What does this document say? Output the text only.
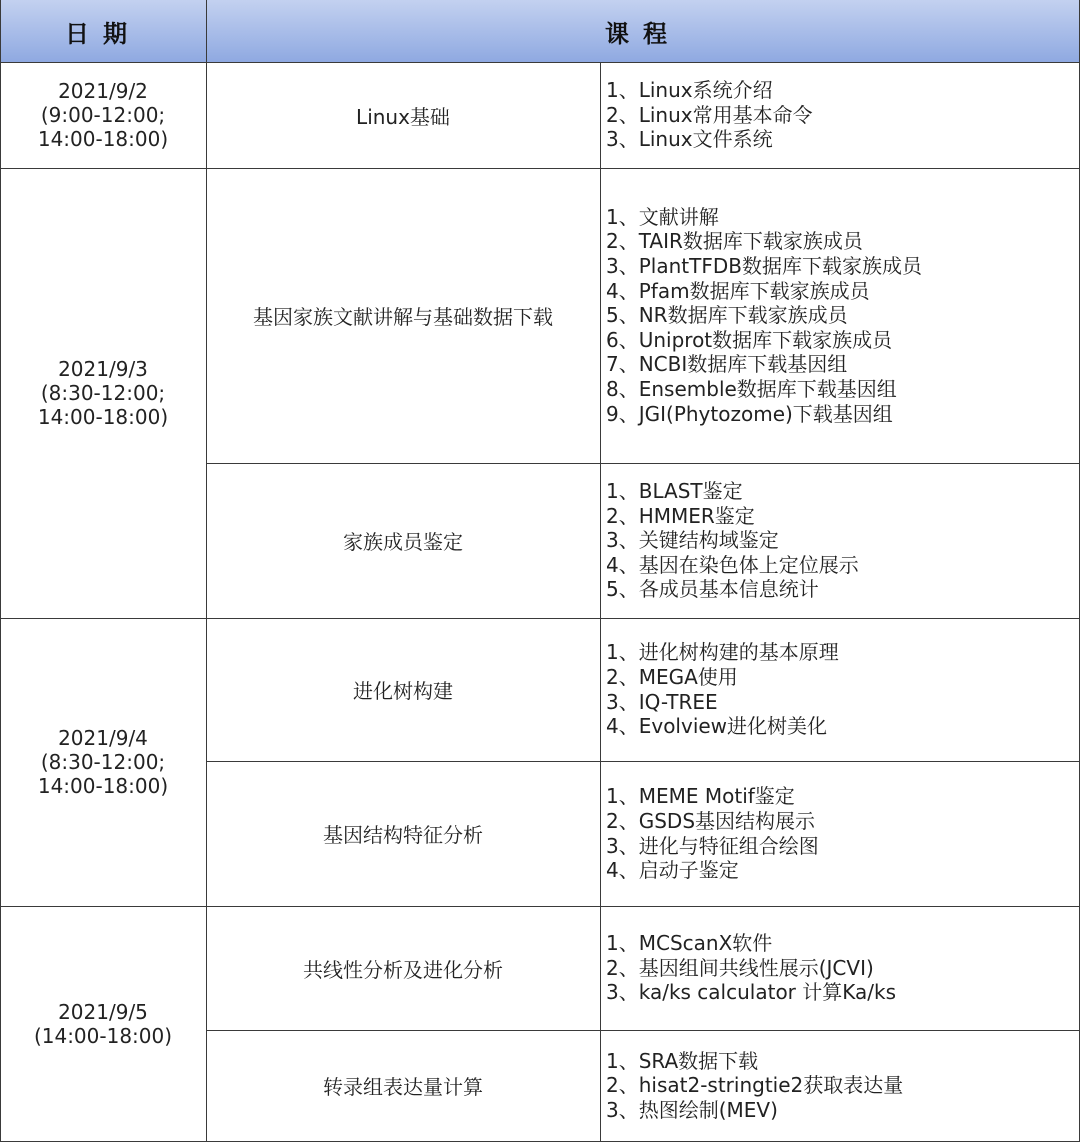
日期	课程
2021/9/2
(9:00-12:00;
14:00-18:00)
Linux基础
1、Linux系统介绍
2、Linux常用基本命令
3、Linux文件系统
2021/9/3
(8:30-12:00;
14:00-18:00)
基因家族文献讲解与基础数据下载
1、文献讲解
2、TAIR数据库下载家族成员
3、PlantTFDB数据库下载家族成员
4、Pfam数据库下载家族成员
5、NR数据库下载家族成员
6、Uniprot数据库下载家族成员
7、NCBI数据库下载基因组
8、Ensemble数据库下载基因组
9、JGI(Phytozome)下载基因组
家族成员鉴定
1、BLAST鉴定
2、HMMER鉴定
3、关键结构域鉴定
4、基因在染色体上定位展示
5、各成员基本信息统计
2021/9/4
(8:30-12:00;
14:00-18:00)
进化树构建
1、进化树构建的基本原理
2、MEGA使用
3、IQ-TREE
4、Evolview进化树美化
基因结构特征分析
1、MEME Motif鉴定
2、GSDS基因结构展示
3、进化与特征组合绘图
4、启动子鉴定
2021/9/5
(14:00-18:00)
共线性分析及进化分析
1、MCScanX软件
2、基因组间共线性展示(JCVI)
3、ka/ks calculator 计算Ka/ks
转录组表达量计算
1、SRA数据下载
2、hisat2-stringtie2获取表达量
3、热图绘制(MEV)
